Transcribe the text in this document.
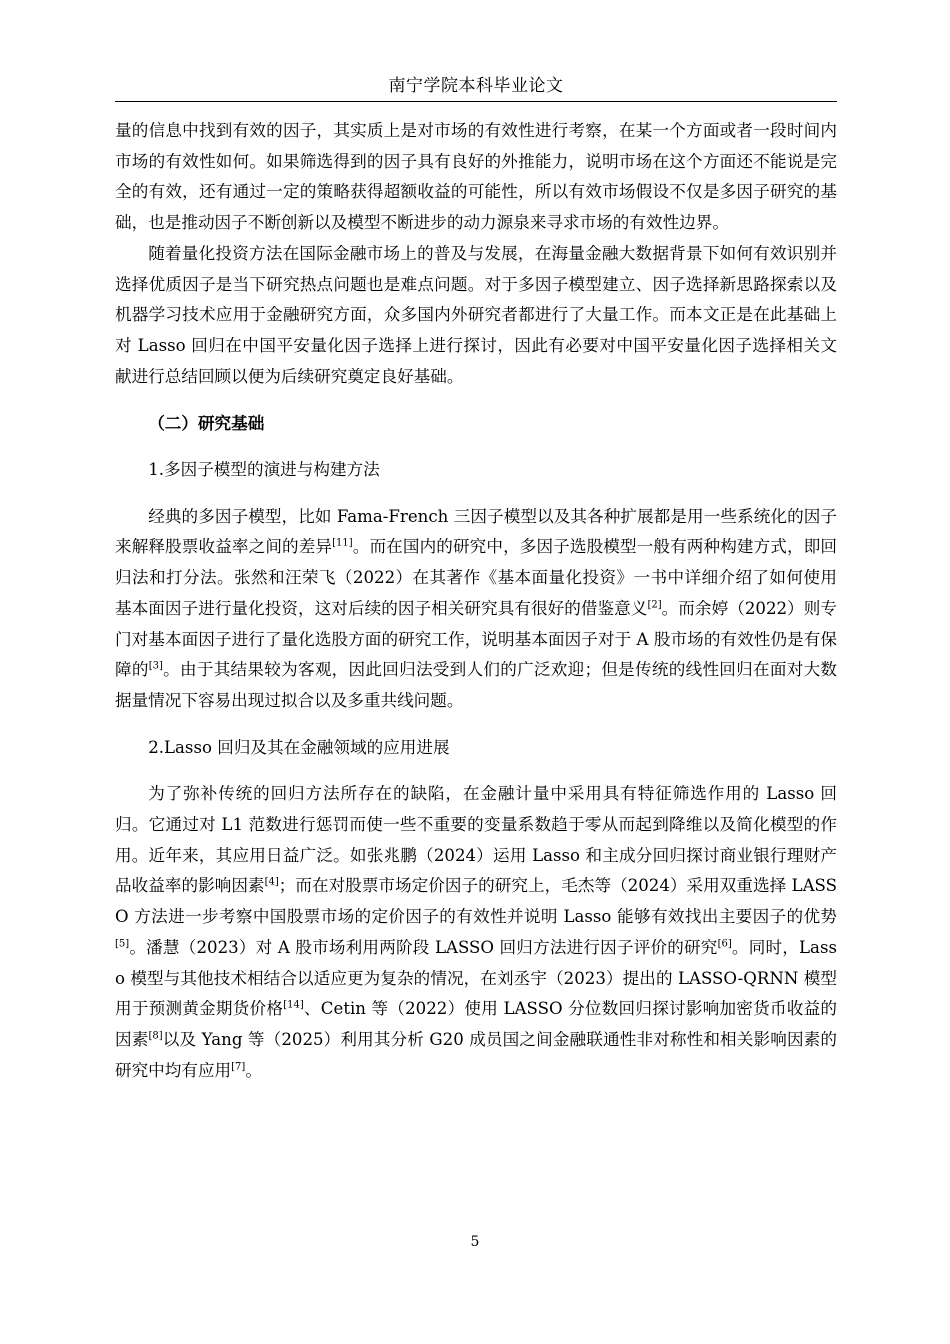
南宁学院本科毕业论文

量的信息中找到有效的因子，其实质上是对市场的有效性进行考察，在某一个方面或者一段时间内市场的有效性如何。如果筛选得到的因子具有良好的外推能力，说明市场在这个方面还不能说是完全的有效，还有通过一定的策略获得超额收益的可能性，所以有效市场假设不仅是多因子研究的基础，也是推动因子不断创新以及模型不断进步的动力源泉来寻求市场的有效性边界。

随着量化投资方法在国际金融市场上的普及与发展，在海量金融大数据背景下如何有效识别并选择优质因子是当下研究热点问题也是难点问题。对于多因子模型建立、因子选择新思路探索以及机器学习技术应用于金融研究方面，众多国内外研究者都进行了大量工作。而本文正是在此基础上对 Lasso 回归在中国平安量化因子选择上进行探讨，因此有必要对中国平安量化因子选择相关文献进行总结回顾以便为后续研究奠定良好基础。

（二）研究基础

1.多因子模型的演进与构建方法

经典的多因子模型，比如 Fama-French 三因子模型以及其各种扩展都是用一些系统化的因子来解释股票收益率之间的差异[11]。而在国内的研究中，多因子选股模型一般有两种构建方式，即回归法和打分法。张然和汪荣飞（2022）在其著作《基本面量化投资》一书中详细介绍了如何使用基本面因子进行量化投资，这对后续的因子相关研究具有很好的借鉴意义[2]。而余婷（2022）则专门对基本面因子进行了量化选股方面的研究工作，说明基本面因子对于 A 股市场的有效性仍是有保障的[3]。由于其结果较为客观，因此回归法受到人们的广泛欢迎；但是传统的线性回归在面对大数据量情况下容易出现过拟合以及多重共线问题。

2.Lasso 回归及其在金融领域的应用进展

为了弥补传统的回归方法所存在的缺陷，在金融计量中采用具有特征筛选作用的 Lasso 回归。它通过对 L1 范数进行惩罚而使一些不重要的变量系数趋于零从而起到降维以及简化模型的作用。近年来，其应用日益广泛。如张兆鹏（2024）运用 Lasso 和主成分回归探讨商业银行理财产品收益率的影响因素[4]；而在对股票市场定价因子的研究上，毛杰等（2024）采用双重选择 LASSO 方法进一步考察中国股票市场的定价因子的有效性并说明 Lasso 能够有效找出主要因子的优势[5]。潘慧（2023）对 A 股市场利用两阶段 LASSO 回归方法进行因子评价的研究[6]。同时，Lasso 模型与其他技术相结合以适应更为复杂的情况，在刘丞宇（2023）提出的 LASSO-QRNN 模型用于预测黄金期货价格[14]、Cetin 等（2022）使用 LASSO 分位数回归探讨影响加密货币收益的因素[8]以及 Yang 等（2025）利用其分析 G20 成员国之间金融联通性非对称性和相关影响因素的研究中均有应用[7]。

5
